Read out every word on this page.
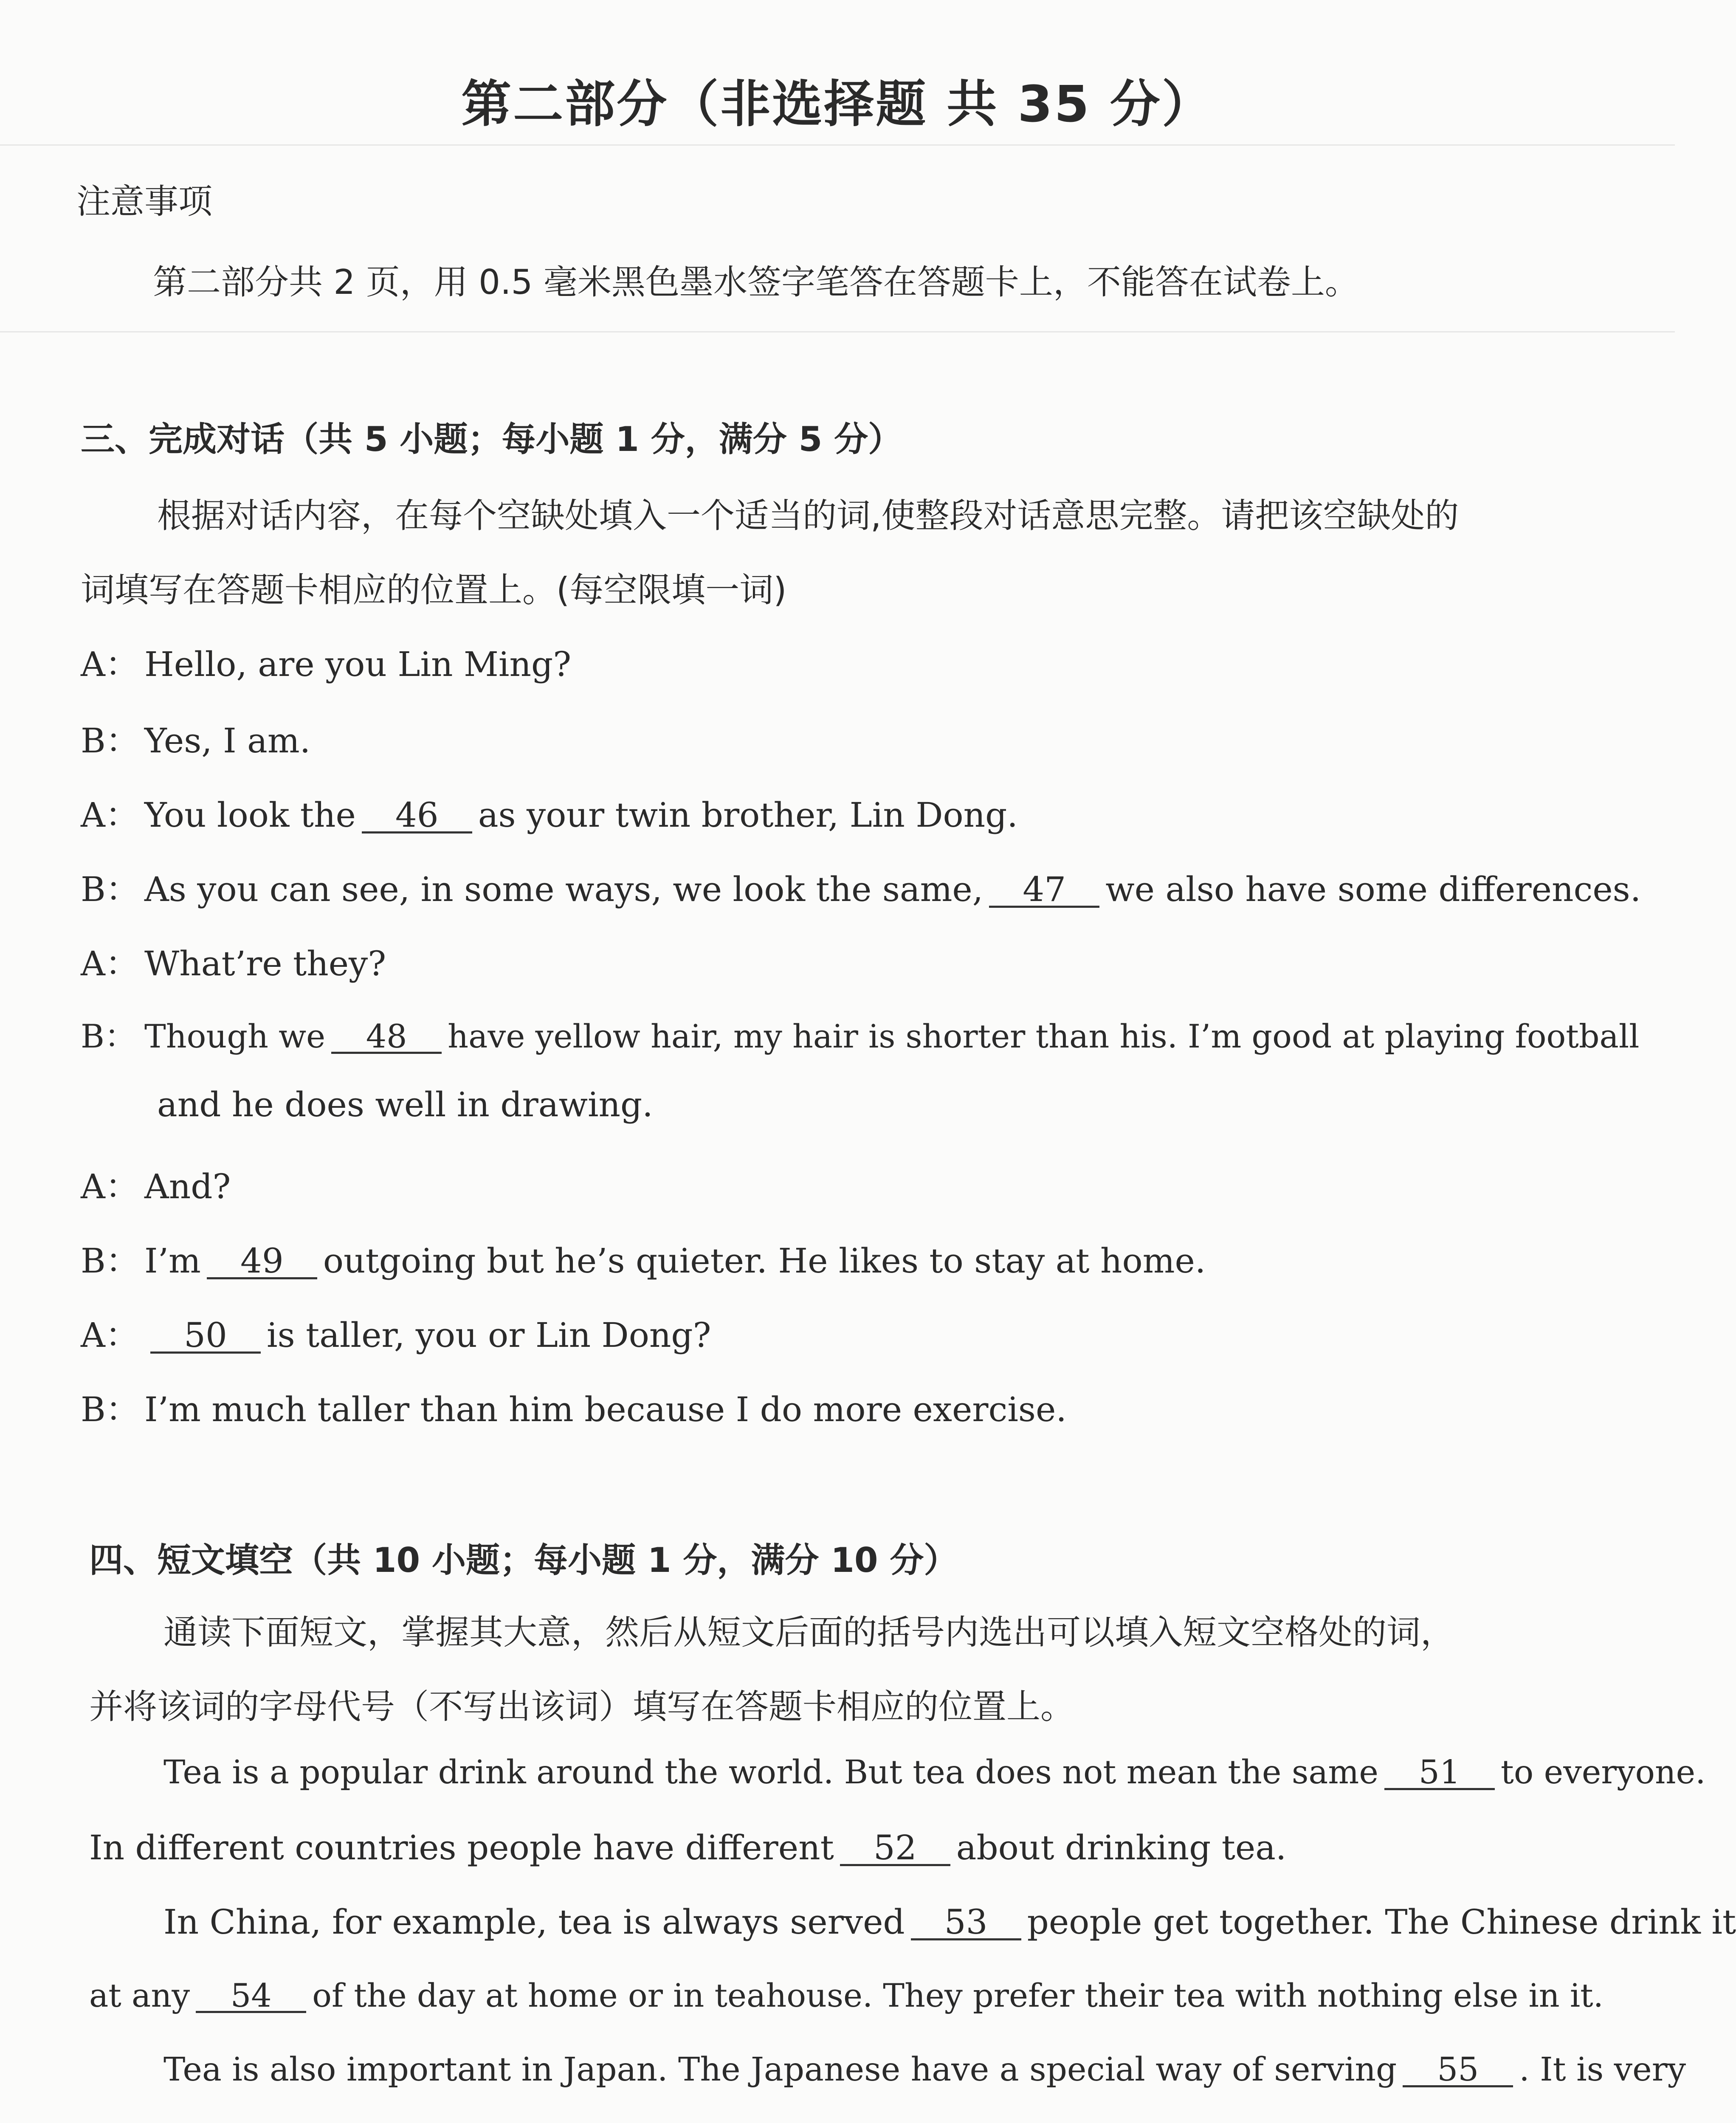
第二部分（非选择题 共 35 分）
注意事项
第二部分共 2 页，用 0.5 毫米黑色墨水签字笔答在答题卡上，不能答在试卷上。
三、完成对话（共 5 小题；每小题 1 分，满分 5 分）
根据对话内容，在每个空缺处填入一个适当的词,使整段对话意思完整。请把该空缺处的
词填写在答题卡相应的位置上。(每空限填一词)
A： Hello, are you Lin Ming?
B： Yes, I am.
A： You look the 46 as your twin brother, Lin Dong.
B： As you can see, in some ways, we look the same, 47 we also have some differences.
A： What’re they?
B： Though we 48 have yellow hair, my hair is shorter than his. I’m good at playing football
and he does well in drawing.
A： And?
B： I’m 49 outgoing but he’s quieter. He likes to stay at home.
A： 50 is taller, you or Lin Dong?
B： I’m much taller than him because I do more exercise.
四、短文填空（共 10 小题；每小题 1 分，满分 10 分）
通读下面短文，掌握其大意，然后从短文后面的括号内选出可以填入短文空格处的词，
并将该词的字母代号（不写出该词）填写在答题卡相应的位置上。
Tea is a popular drink around the world. But tea does not mean the same 51 to everyone.
In different countries people have different 52 about drinking tea.
In China, for example, tea is always served 53 people get together. The Chinese drink it
at any 54 of the day at home or in teahouse. They prefer their tea with nothing else in it.
Tea is also important in Japan. The Japanese have a special way of serving 55 . It is very
